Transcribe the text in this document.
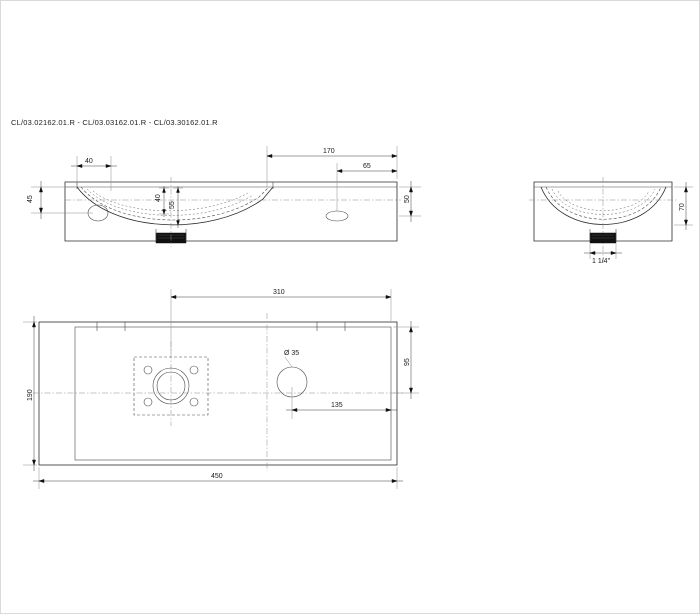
CL/03.02162.01.R - CL/03.03162.01.R - CL/03.30162.01.R
40
45	40
55
170
65
50
70
1 1/4"
Ø 35
310
95
190
135
450
